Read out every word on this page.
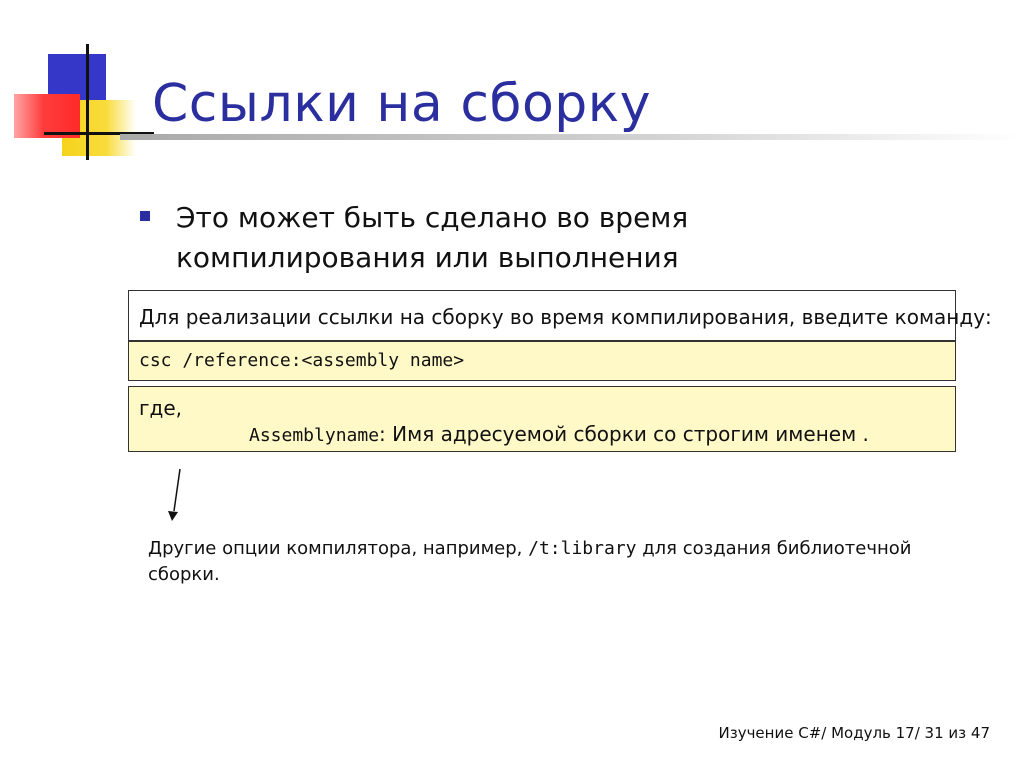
Ссылки на сборку
Это может быть сделано во время
компилирования или выполнения
Для реализации ссылки на сборку во время компилирования, введите команду:
csc /reference:<assembly name>
где,
Assemblyname: Имя адресуемой сборки со строгим именем .
Другие опции компилятора, например, /t:library для создания библиотечной сборки.
Изучение C#/ Модуль 17/ 31 из 47
